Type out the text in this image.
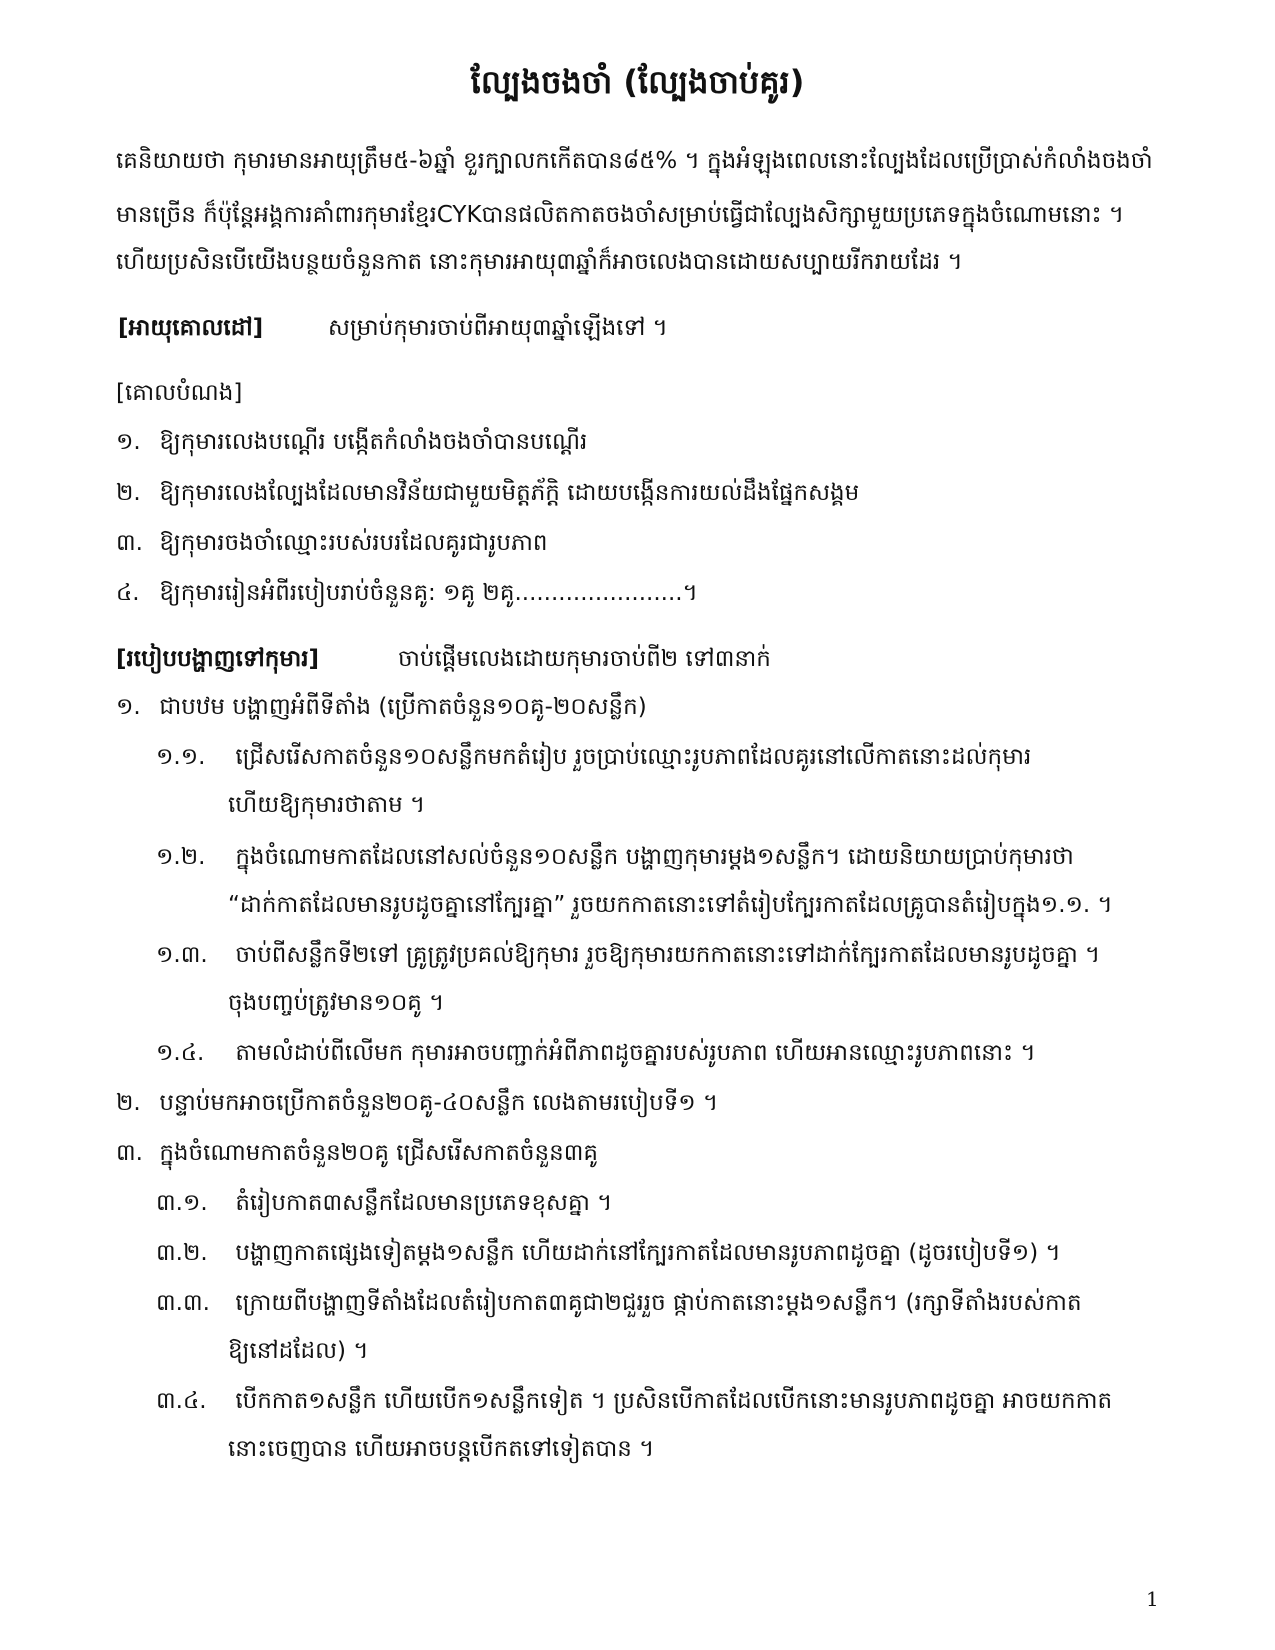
ល្បែងចងចាំ (ល្បែងចាប់គូរ)
គេនិយាយថា កុមារមានអាយុត្រឹម៥-៦ឆ្នាំ ខួរក្បាលកកើតបាន៨៥% ។ ក្នុងអំឡុងពេលនោះល្បែងដែលប្រើប្រាស់កំលាំងចងចាំ
មានច្រើន ក៏ប៉ុន្តែអង្គការគាំពារកុមារខ្មែរCYKបានផលិតកាតចងចាំសម្រាប់ធ្វើជាល្បែងសិក្សាមួយប្រភេទក្នុងចំណោមនោះ ។
ហើយប្រសិនបើយើងបន្ថយចំនួនកាត នោះកុមារអាយុ៣ឆ្នាំក៏អាចលេងបានដោយសប្បាយរីករាយដែរ ។
[អាយុគោលដៅ]	សម្រាប់កុមារចាប់ពីអាយុ៣ឆ្នាំឡើងទៅ ។
[គោលបំណង]
១. ឱ្យកុមារលេងបណ្ដើរ បង្កើតកំលាំងចងចាំបានបណ្ដើរ
២. ឱ្យកុមារលេងល្បែងដែលមានវិន័យជាមួយមិត្តភ័ក្តិ ដោយបង្កើនការយល់ដឹងផ្នែកសង្គម
៣. ឱ្យកុមារចងចាំឈ្មោះរបស់របរដែលគូរជារូបភាព
៤. ឱ្យកុមាររៀនអំពីរបៀបរាប់ចំនួនគូ: ១គូ ២គូ.......................។
[របៀបបង្ហាញទៅកុមារ]	ចាប់ផ្ដើមលេងដោយកុមារចាប់ពី២ ទៅ៣នាក់
១. ជាបឋម បង្ហាញអំពីទីតាំង (ប្រើកាតចំនួន១០គូ-២០សន្លឹក)
១.១. ជ្រើសរើសកាតចំនួន១០សន្លឹកមកតំរៀប រួចប្រាប់ឈ្មោះរូបភាពដែលគូរនៅលើកាតនោះដល់កុមារ
ហើយឱ្យកុមារថាតាម ។
១.២. ក្នុងចំណោមកាតដែលនៅសល់ចំនួន១០សន្លឹក បង្ហាញកុមារម្តង១សន្លឹក។ ដោយនិយាយប្រាប់កុមារថា
“ដាក់កាតដែលមានរូបដូចគ្នានៅក្បែរគ្នា” រួចយកកាតនោះទៅតំរៀបក្បែរកាតដែលគ្រូបានតំរៀបក្នុង១.១. ។
១.៣. ចាប់ពីសន្លឹកទី២ទៅ គ្រូត្រូវប្រគល់ឱ្យកុមារ រួចឱ្យកុមារយកកាតនោះទៅដាក់ក្បែរកាតដែលមានរូបដូចគ្នា ។
ចុងបញ្ចប់ត្រូវមាន១០គូ ។
១.៤. តាមលំដាប់ពីលើមក កុមារអាចបញ្ជាក់អំពីភាពដូចគ្នារបស់រូបភាព ហើយអានឈ្មោះរូបភាពនោះ ។
២. បន្ទាប់មកអាចប្រើកាតចំនួន២០គូ-៤០សន្លឹក លេងតាមរបៀបទី១ ។
៣. ក្នុងចំណោមកាតចំនួន២០គូ ជ្រើសរើសកាតចំនួន៣គូ
៣.១. តំរៀបកាត៣សន្លឹកដែលមានប្រភេទខុសគ្នា ។
៣.២. បង្ហាញកាតផ្សេងទៀតម្តង១សន្លឹក ហើយដាក់នៅក្បែរកាតដែលមានរូបភាពដូចគ្នា (ដូចរបៀបទី១) ។
៣.៣. ក្រោយពីបង្ហាញទីតាំងដែលតំរៀបកាត៣គូជា២ជួររួច ផ្កាប់កាតនោះម្តង១សន្លឹក។ (រក្សាទីតាំងរបស់កាត
ឱ្យនៅដដែល) ។
៣.៤. បើកកាត១សន្លឹក ហើយបើក១សន្លឹកទៀត ។ ប្រសិនបើកាតដែលបើកនោះមានរូបភាពដូចគ្នា អាចយកកាត
នោះចេញបាន ហើយអាចបន្តបើកតទៅទៀតបាន ។
1
